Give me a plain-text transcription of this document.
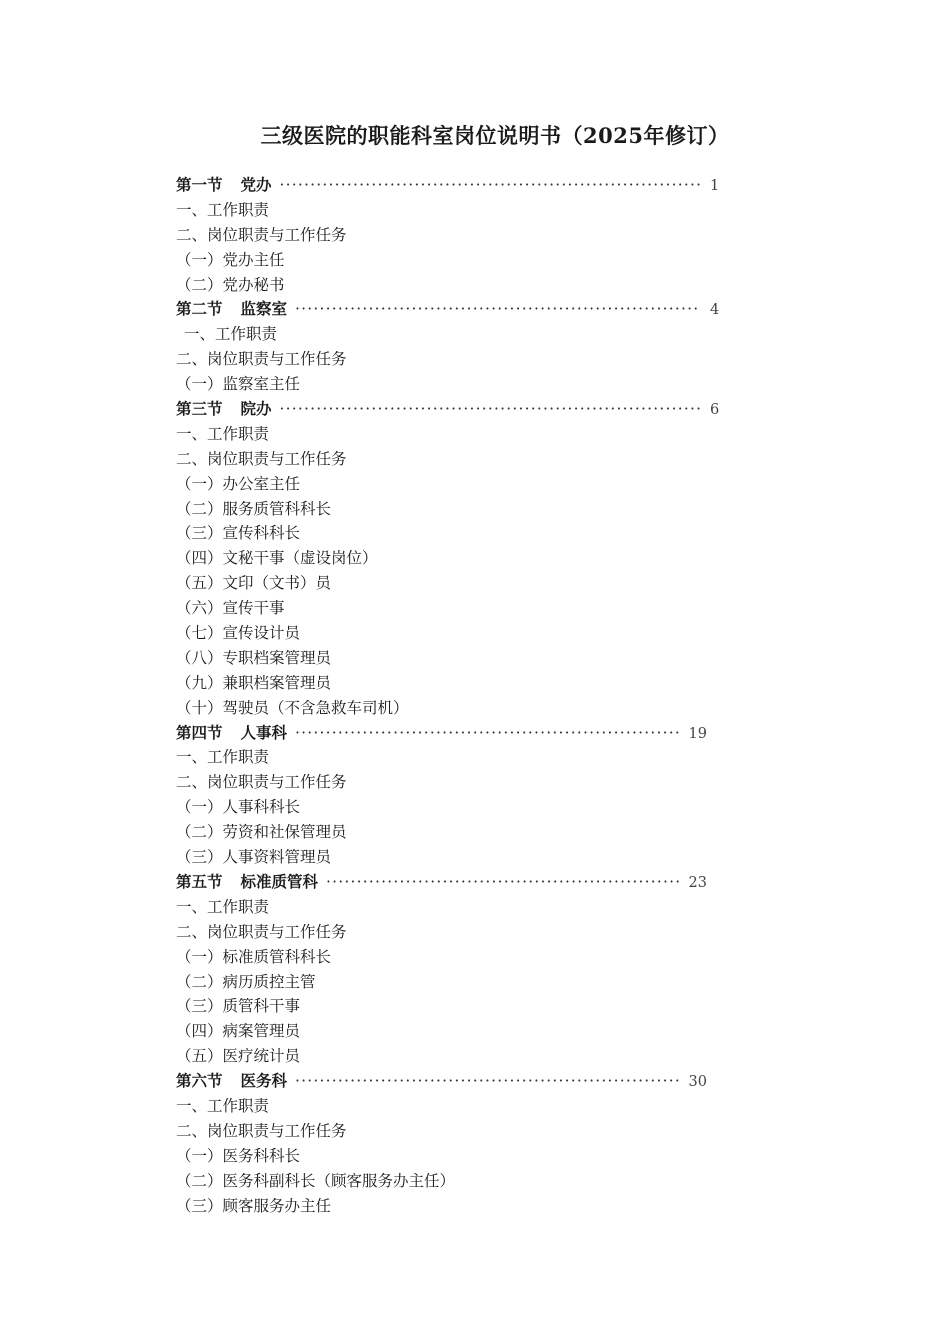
三级医院的职能科室岗位说明书（2025年修订）
第一节 党办 ·····	1
一、工作职责
二、岗位职责与工作任务
（一）党办主任
（二）党办秘书
第二节 监察室 ·····	4
一、工作职责
二、岗位职责与工作任务
（一）监察室主任
第三节 院办 ·····	6
一、工作职责
二、岗位职责与工作任务
（一）办公室主任
（二）服务质管科科长
（三）宣传科科长
（四）文秘干事（虚设岗位）
（五）文印（文书）员
（六）宣传干事
（七）宣传设计员
（八）专职档案管理员
（九）兼职档案管理员
（十）驾驶员（不含急救车司机）
第四节 人事科 ·····	19
一、工作职责
二、岗位职责与工作任务
（一）人事科科长
（二）劳资和社保管理员
（三）人事资料管理员
第五节 标准质管科 ·····	23
一、工作职责
二、岗位职责与工作任务
（一）标准质管科科长
（二）病历质控主管
（三）质管科干事
（四）病案管理员
（五）医疗统计员
第六节 医务科 ·····	30
一、工作职责
二、岗位职责与工作任务
（一）医务科科长
（二）医务科副科长（顾客服务办主任）
（三）顾客服务办主任
